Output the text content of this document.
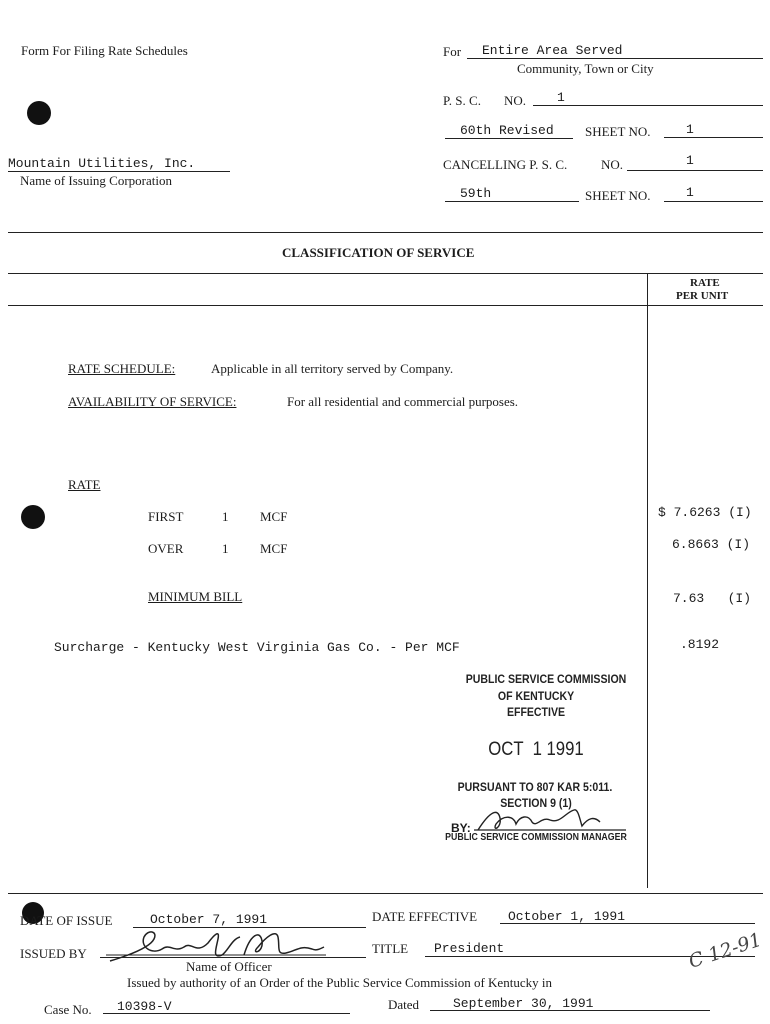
Form For Filing Rate Schedules
Mountain Utilities, Inc.
Name of Issuing Corporation
For Entire Area Served
Community, Town or City
P. S. C. NO. 1
60th Revised SHEET NO.	1
CANCELLING P. S. C.	NO.	1
59th	SHEET NO.	1
CLASSIFICATION OF SERVICE
RATE
PER UNIT
RATE SCHEDULE:	Applicable in all territory served by Company.
AVAILABILITY OF SERVICE:	For all residential and commercial purposes.
RATE
FIRST	1 MCF	$ 7.6263 (I)
OVER	1 MCF	6.8663 (I)
MINIMUM BILL	7.63   (I)
Surcharge - Kentucky West Virginia Gas Co. - Per MCF	.8192
PUBLIC SERVICE COMMISSION
OF KENTUCKY
EFFECTIVE
OCT  1 1991
PURSUANT TO 807 KAR 5:011.
SECTION 9 (1)
BY:
PUBLIC SERVICE COMMISSION MANAGER
DATE OF ISSUE	October 7, 1991	DATE EFFECTIVE October 1, 1991
ISSUED BY
Name of Officer
TITLE President	C 12-91
Issued by authority of an Order of the Public Service Commission of Kentucky in
Case No. 10398-V	Dated	September 30, 1991
